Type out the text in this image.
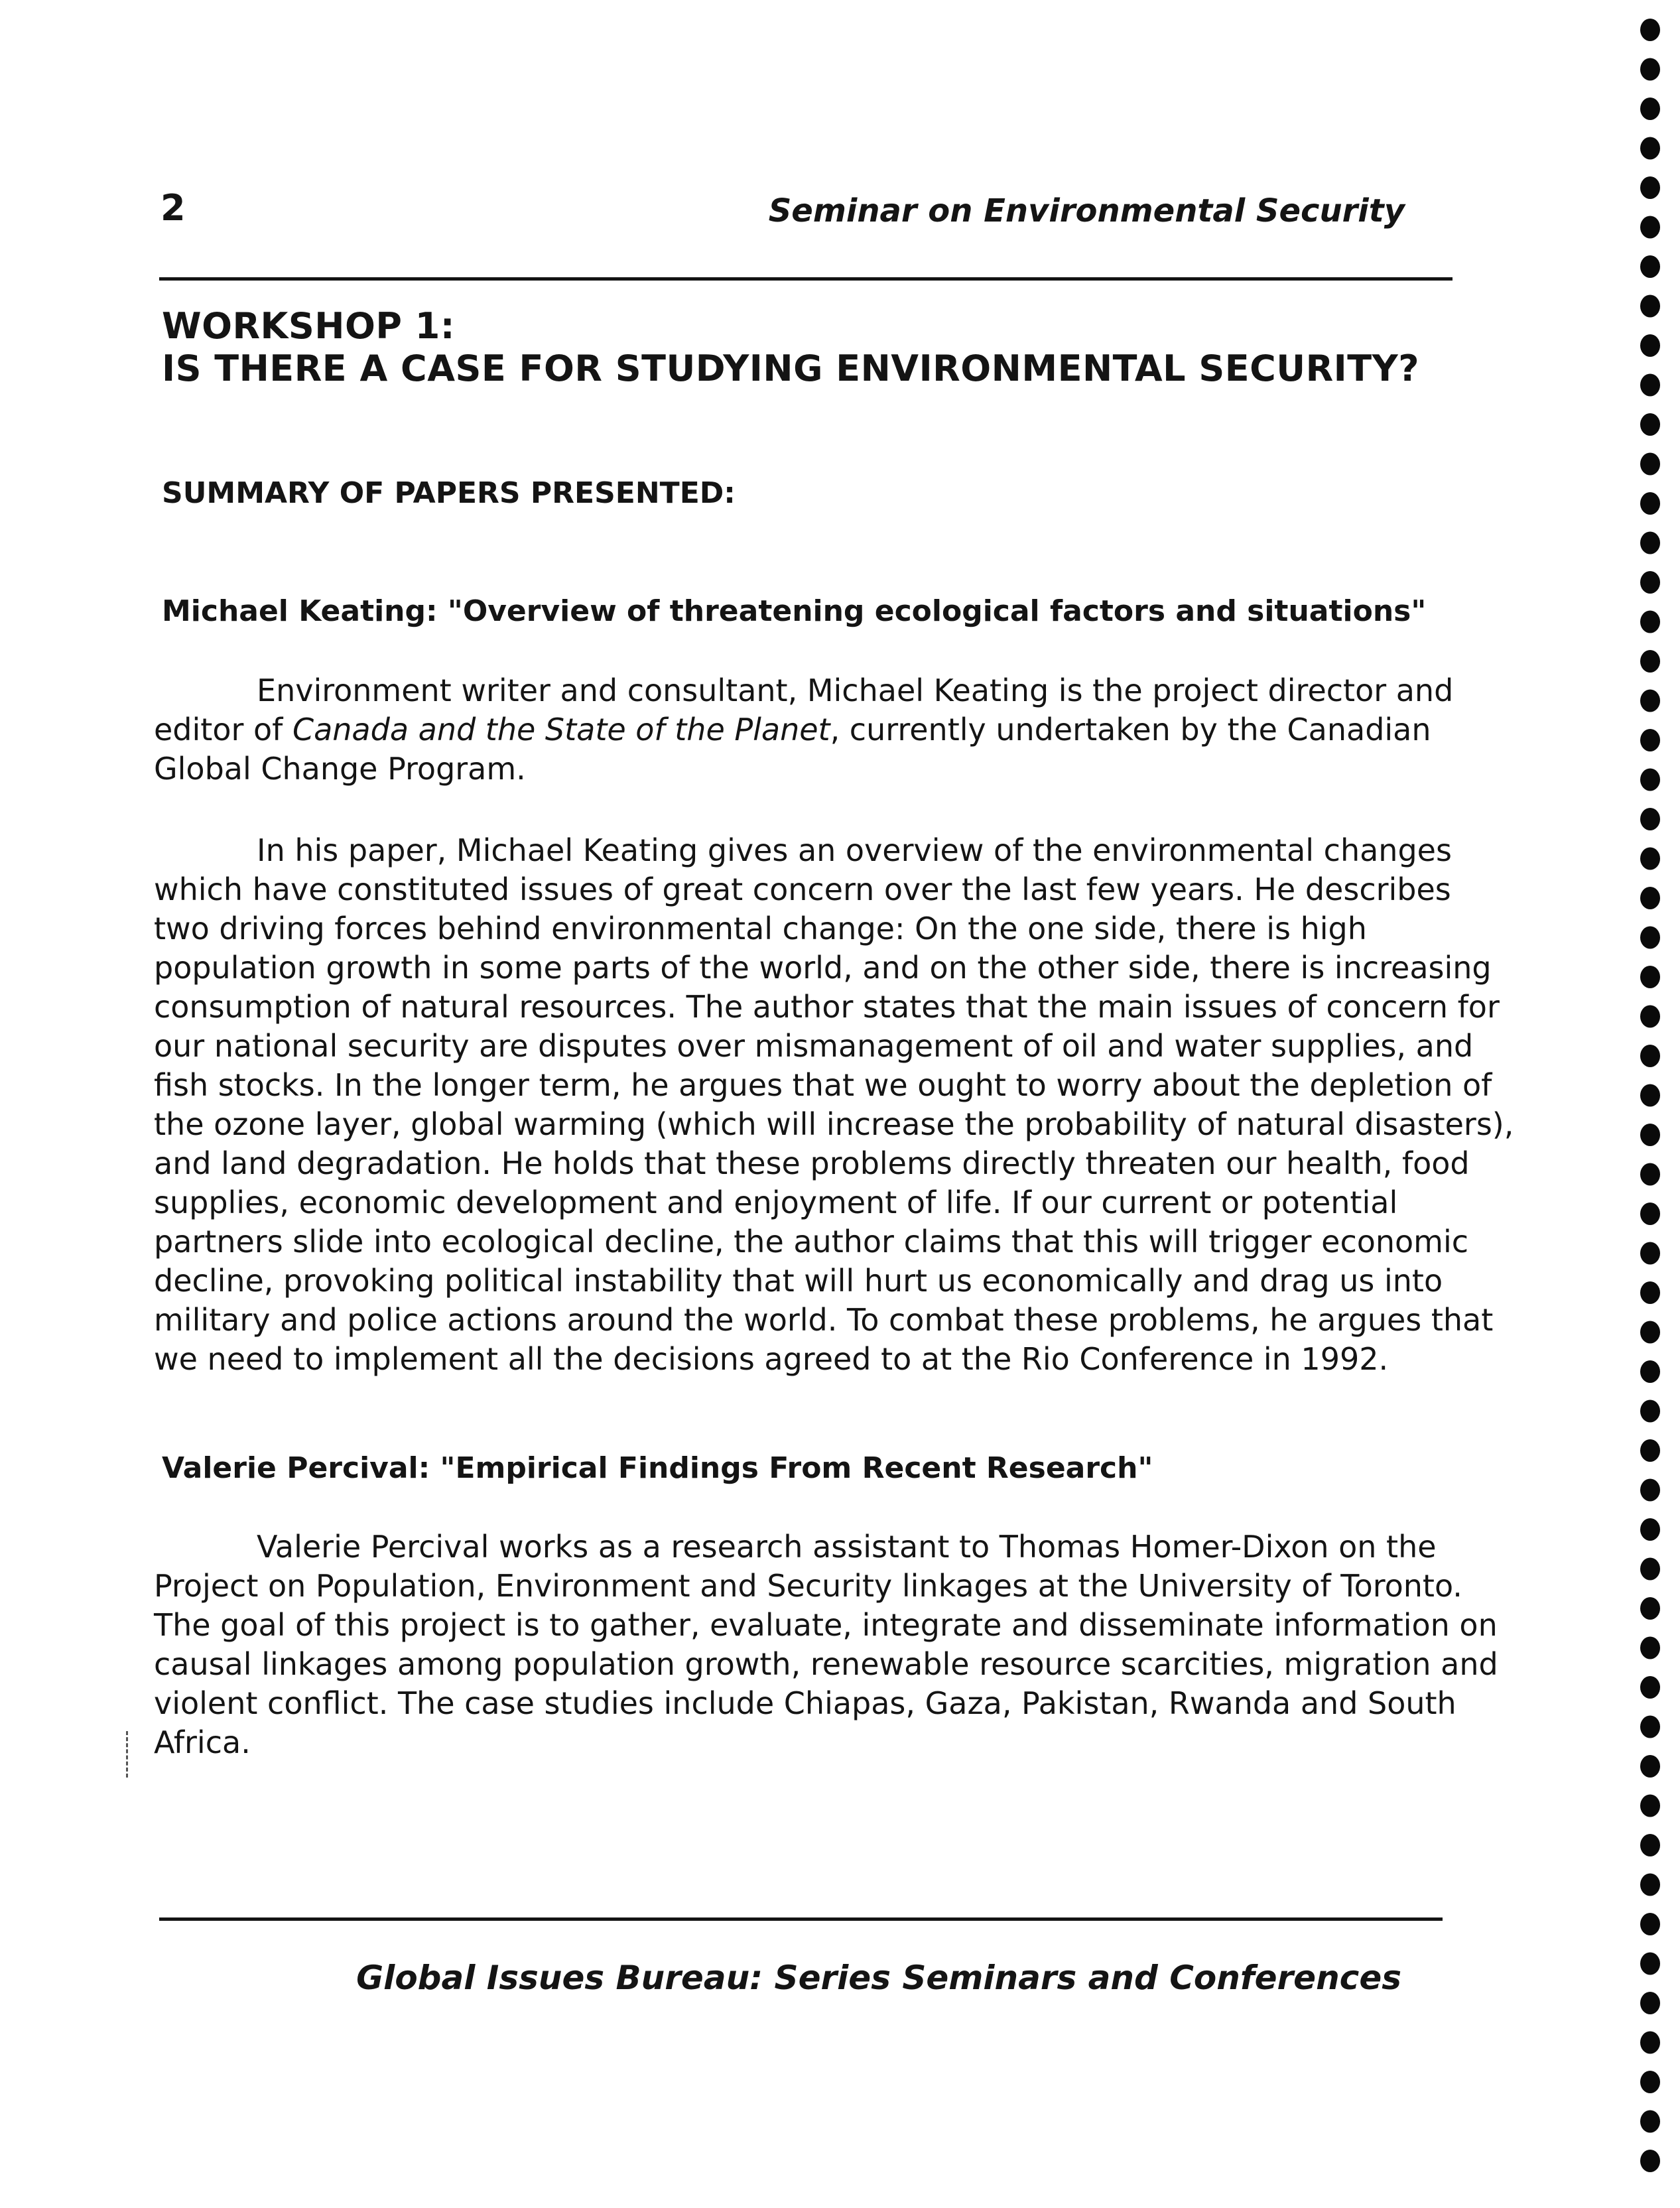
2	Seminar on Environmental Security
WORKSHOP 1:
IS THERE A CASE FOR STUDYING ENVIRONMENTAL SECURITY?
SUMMARY OF PAPERS PRESENTED:
Michael Keating: "Overview of threatening ecological factors and situations"
Environment writer and consultant, Michael Keating is the project director and
editor of Canada and the State of the Planet, currently undertaken by the Canadian
Global Change Program.
In his paper, Michael Keating gives an overview of the environmental changes
which have constituted issues of great concern over the last few years. He describes
two driving forces behind environmental change: On the one side, there is high
population growth in some parts of the world, and on the other side, there is increasing
consumption of natural resources. The author states that the main issues of concern for
our national security are disputes over mismanagement of oil and water supplies, and
fish stocks. In the longer term, he argues that we ought to worry about the depletion of
the ozone layer, global warming (which will increase the probability of natural disasters),
and land degradation. He holds that these problems directly threaten our health, food
supplies, economic development and enjoyment of life. If our current or potential
partners slide into ecological decline, the author claims that this will trigger economic
decline, provoking political instability that will hurt us economically and drag us into
military and police actions around the world. To combat these problems, he argues that
we need to implement all the decisions agreed to at the Rio Conference in 1992.
Valerie Percival: "Empirical Findings From Recent Research"
Valerie Percival works as a research assistant to Thomas Homer-Dixon on the
Project on Population, Environment and Security linkages at the University of Toronto.
The goal of this project is to gather, evaluate, integrate and disseminate information on
causal linkages among population growth, renewable resource scarcities, migration and
violent conflict. The case studies include Chiapas, Gaza, Pakistan, Rwanda and South
Africa.
Global Issues Bureau: Series Seminars and Conferences
